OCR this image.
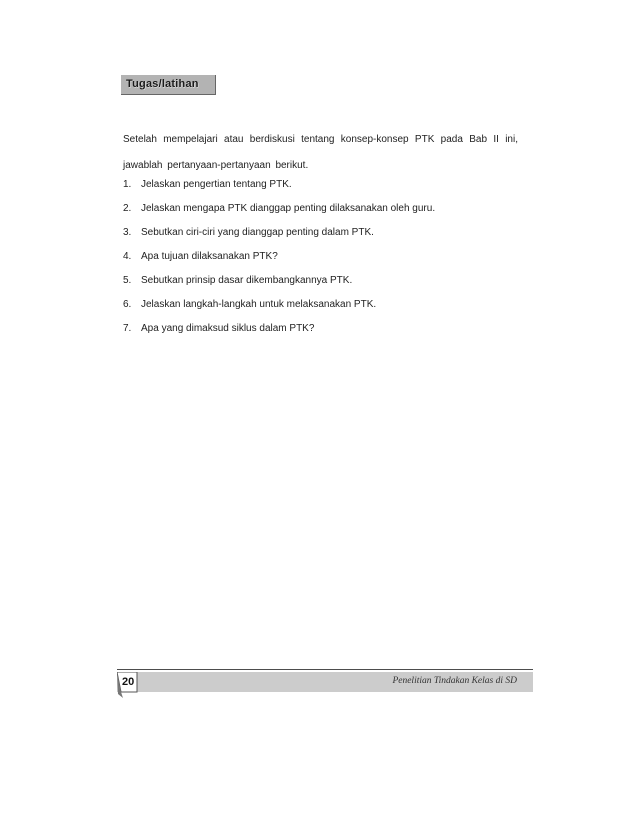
Tugas/latihan

Setelah mempelajari atau berdiskusi tentang konsep-konsep PTK pada Bab II ini, jawablah pertanyaan-pertanyaan berikut.

1. Jelaskan pengertian tentang PTK.
2. Jelaskan mengapa PTK dianggap penting dilaksanakan oleh guru.
3. Sebutkan ciri-ciri yang dianggap penting dalam PTK.
4. Apa tujuan dilaksanakan PTK?
5. Sebutkan prinsip dasar dikembangkannya PTK.
6. Jelaskan langkah-langkah untuk melaksanakan PTK.
7. Apa yang dimaksud siklus dalam PTK?
20	Penelitian Tindakan Kelas di SD
